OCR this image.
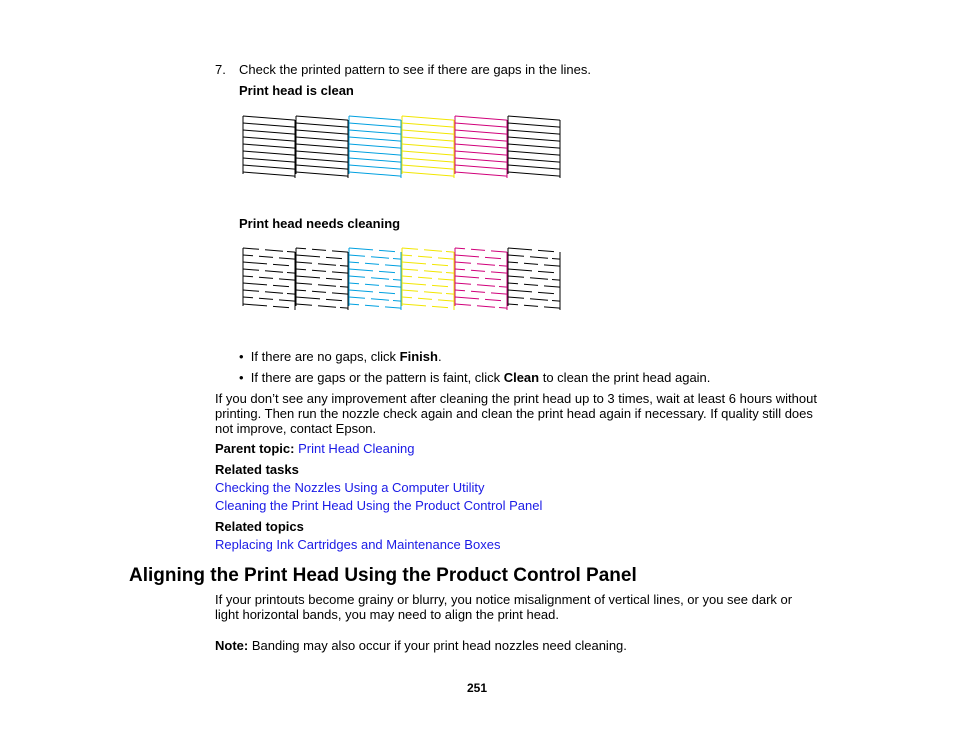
7. Check the printed pattern to see if there are gaps in the lines.
Print head is clean
Print head needs cleaning
• If there are no gaps, click Finish.
• If there are gaps or the pattern is faint, click Clean to clean the print head again.
If you don’t see any improvement after cleaning the print head up to 3 times, wait at least 6 hours without printing. Then run the nozzle check again and clean the print head again if necessary. If quality still does not improve, contact Epson.
Parent topic: Print Head Cleaning
Related tasks
Checking the Nozzles Using a Computer Utility
Cleaning the Print Head Using the Product Control Panel
Related topics
Replacing Ink Cartridges and Maintenance Boxes
Aligning the Print Head Using the Product Control Panel
If your printouts become grainy or blurry, you notice misalignment of vertical lines, or you see dark or light horizontal bands, you may need to align the print head.
Note: Banding may also occur if your print head nozzles need cleaning.
251
